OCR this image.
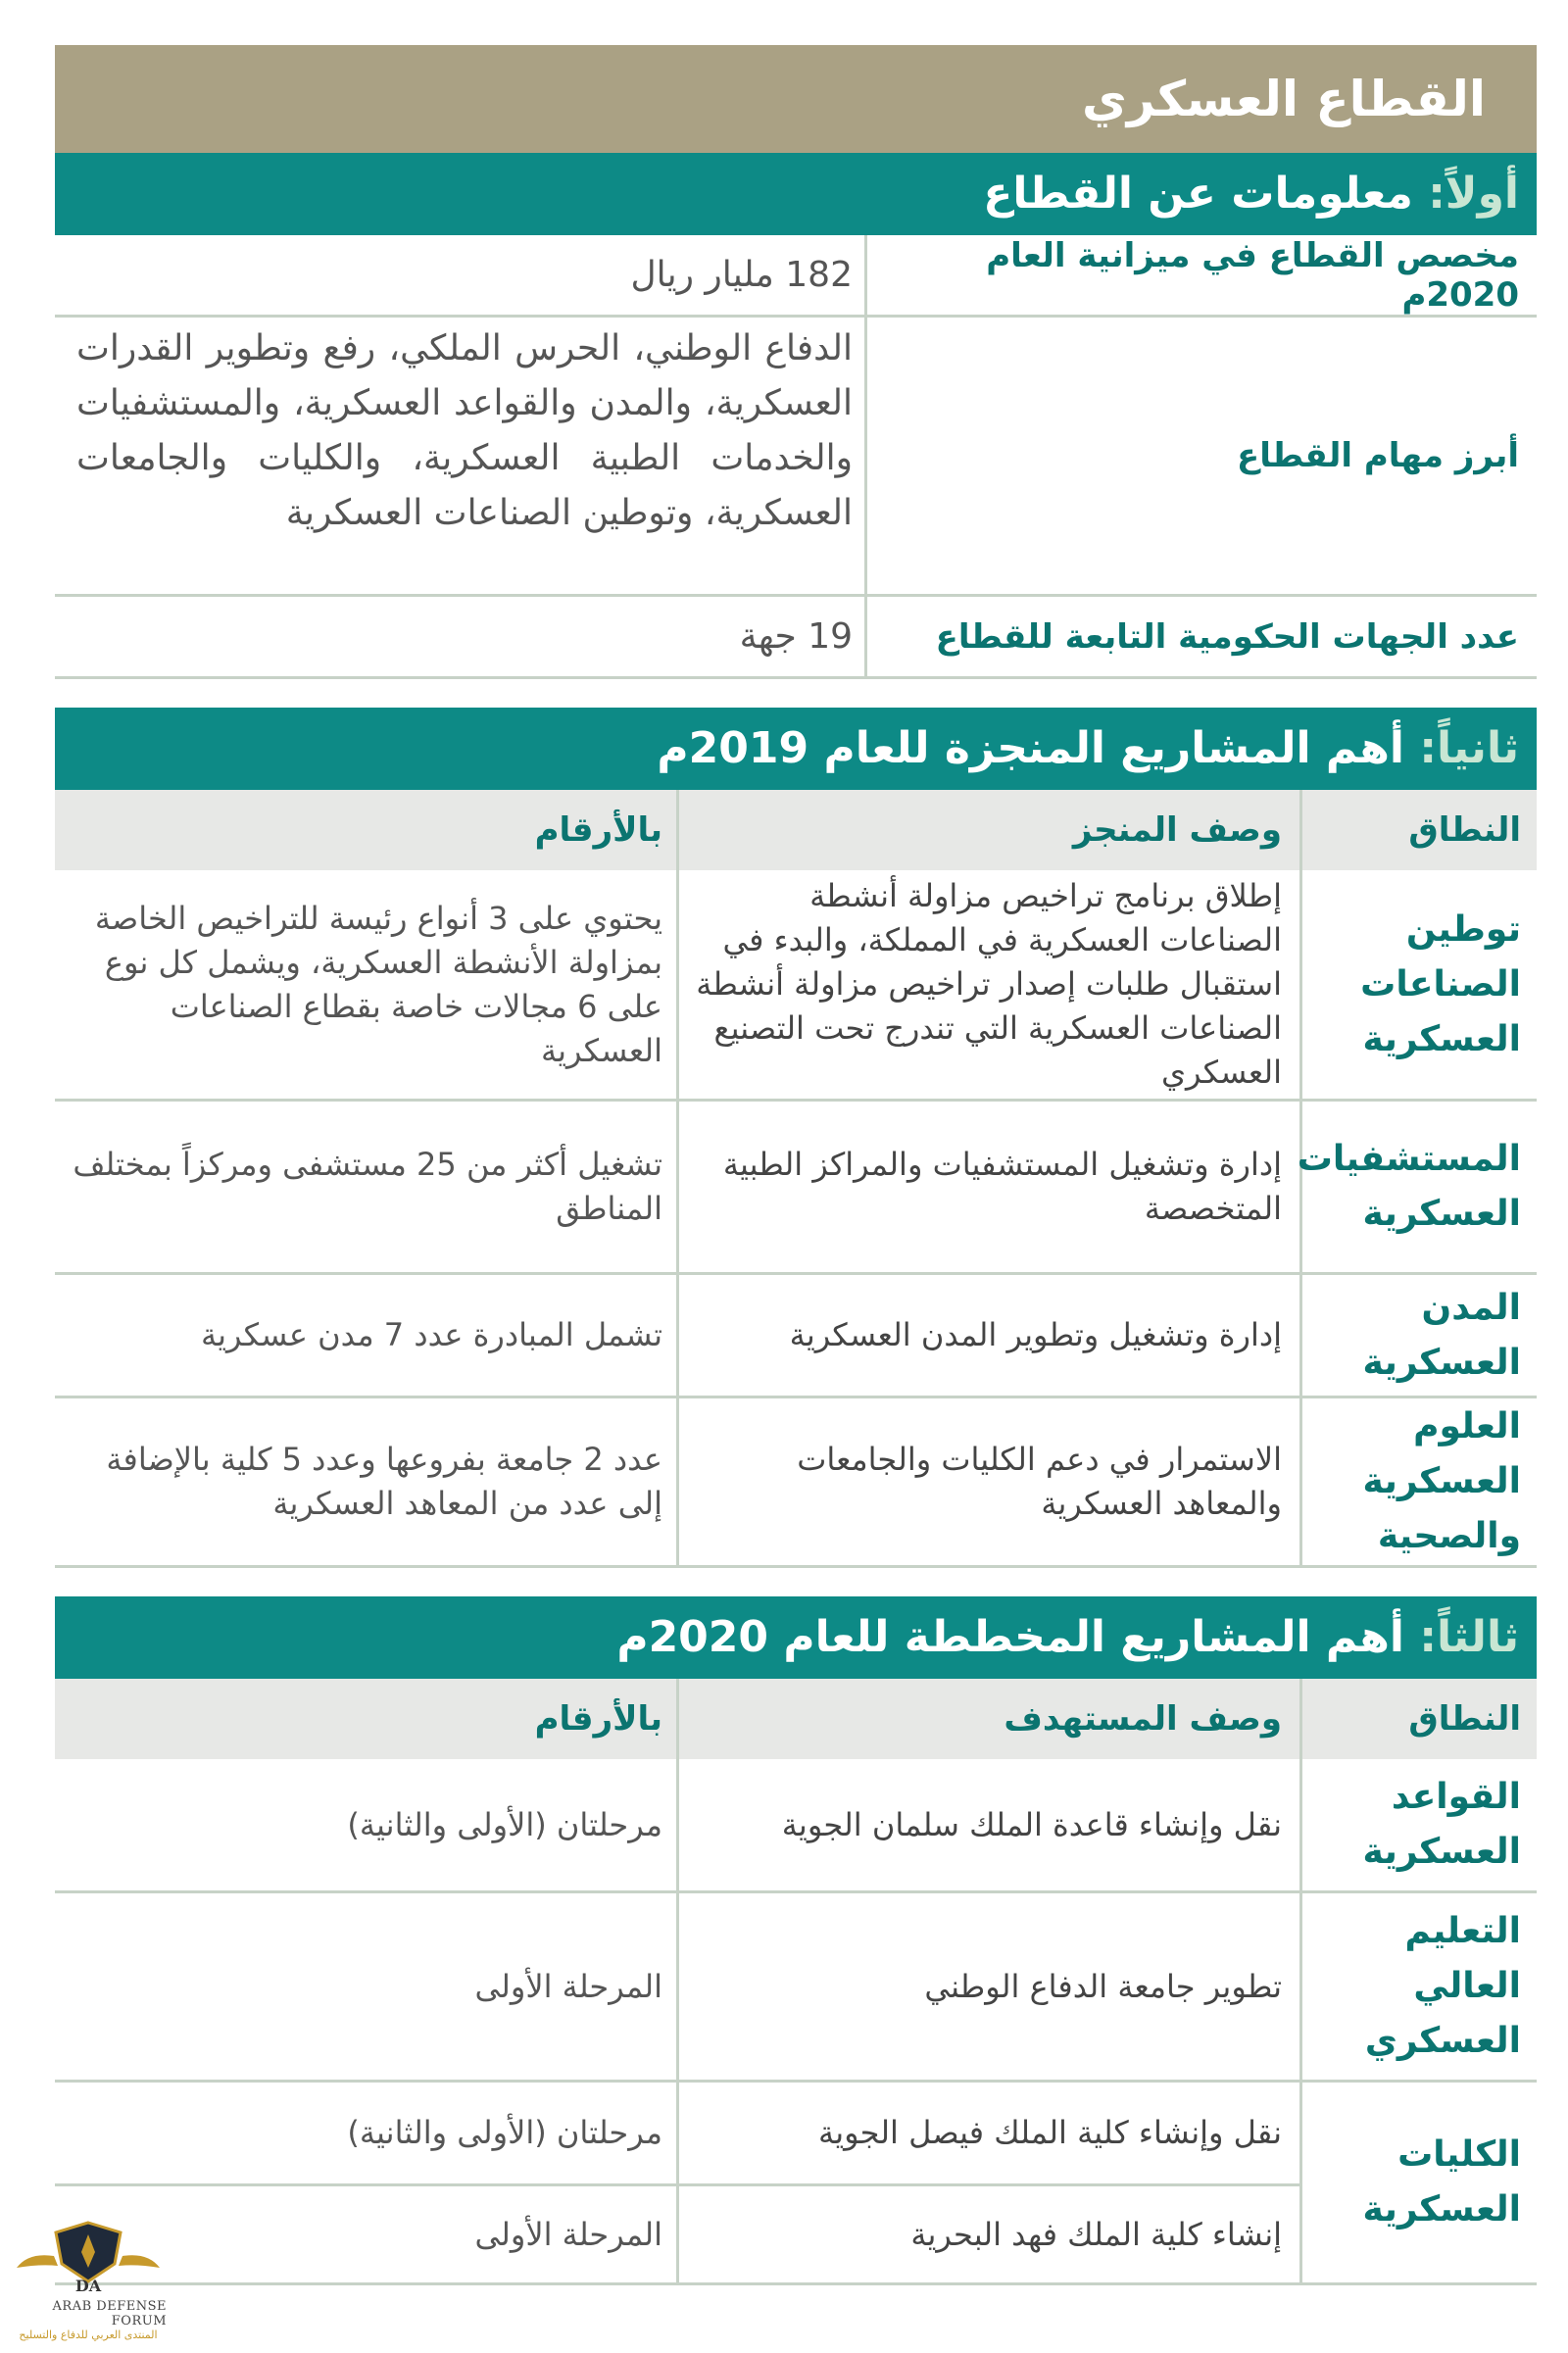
القطاع العسكري
أولاً: معلومات عن القطاع
مخصص القطاع في ميزانية العام 2020م
182 مليار ريال
أبرز مهام القطاع
الدفاع الوطني، الحرس الملكي، رفع وتطوير القدرات العسكرية، والمدن والقواعد العسكرية، والمستشفيات والخدمات الطبية العسكرية، والكليات والجامعات العسكرية، وتوطين الصناعات العسكرية
عدد الجهات الحكومية التابعة للقطاع
19 جهة
ثانياً: أهم المشاريع المنجزة للعام 2019م
النطاق
وصف المنجز
بالأرقام
توطين الصناعات العسكرية
إطلاق برنامج تراخيص مزاولة أنشطة الصناعات العسكرية في المملكة، والبدء في استقبال طلبات إصدار تراخيص مزاولة أنشطة الصناعات العسكرية التي تندرج تحت التصنيع العسكري
يحتوي على 3 أنواع رئيسة للتراخيص الخاصة بمزاولة الأنشطة العسكرية، ويشمل كل نوع على 6 مجالات خاصة بقطاع الصناعات العسكرية
المستشفيات العسكرية
إدارة وتشغيل المستشفيات والمراكز الطبية المتخصصة
تشغيل أكثر من 25 مستشفى ومركزاً بمختلف المناطق
المدن العسكرية
إدارة وتشغيل وتطوير المدن العسكرية
تشمل المبادرة عدد 7 مدن عسكرية
العلوم العسكرية والصحية
الاستمرار في دعم الكليات والجامعات والمعاهد العسكرية
عدد 2 جامعة بفروعها وعدد 5 كلية بالإضافة إلى عدد من المعاهد العسكرية
ثالثاً: أهم المشاريع المخططة للعام 2020م
النطاق
وصف المستهدف
بالأرقام
القواعد العسكرية
نقل وإنشاء قاعدة الملك سلمان الجوية
مرحلتان (الأولى والثانية)
التعليم العالي العسكري
تطوير جامعة الدفاع الوطني
المرحلة الأولى
الكليات العسكرية
نقل وإنشاء كلية الملك فيصل الجوية
مرحلتان (الأولى والثانية)
إنشاء كلية الملك فهد البحرية
المرحلة الأولى
DA
ARAB DEFENSE FORUM
المنتدى العربي للدفاع والتسليح
